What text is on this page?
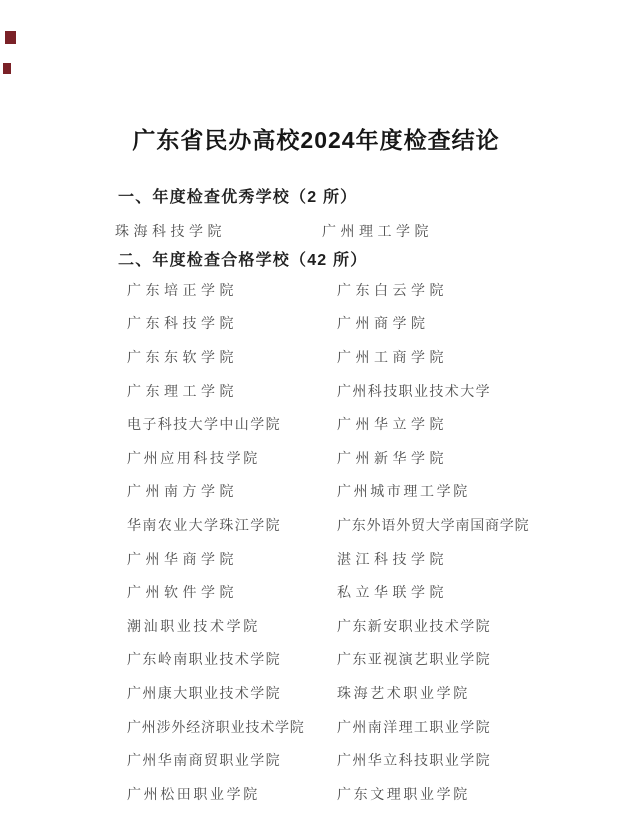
广东省民办高校2024年度检查结论
一、年度检查优秀学校（2 所）
珠海科技学院	广州理工学院
二、年度检查合格学校（42 所）
广东培正学院	广东白云学院
广东科技学院	广州商学院
广东东软学院	广州工商学院
广东理工学院	广州科技职业技术大学
电子科技大学中山学院	广州华立学院
广州应用科技学院	广州新华学院
广州南方学院	广州城市理工学院
华南农业大学珠江学院	广东外语外贸大学南国商学院
广州华商学院	湛江科技学院
广州软件学院	私立华联学院
潮汕职业技术学院	广东新安职业技术学院
广东岭南职业技术学院	广东亚视演艺职业学院
广州康大职业技术学院	珠海艺术职业学院
广州涉外经济职业技术学院 广州南洋理工职业学院
广州华南商贸职业学院	广州华立科技职业学院
广州松田职业学院	广东文理职业学院
